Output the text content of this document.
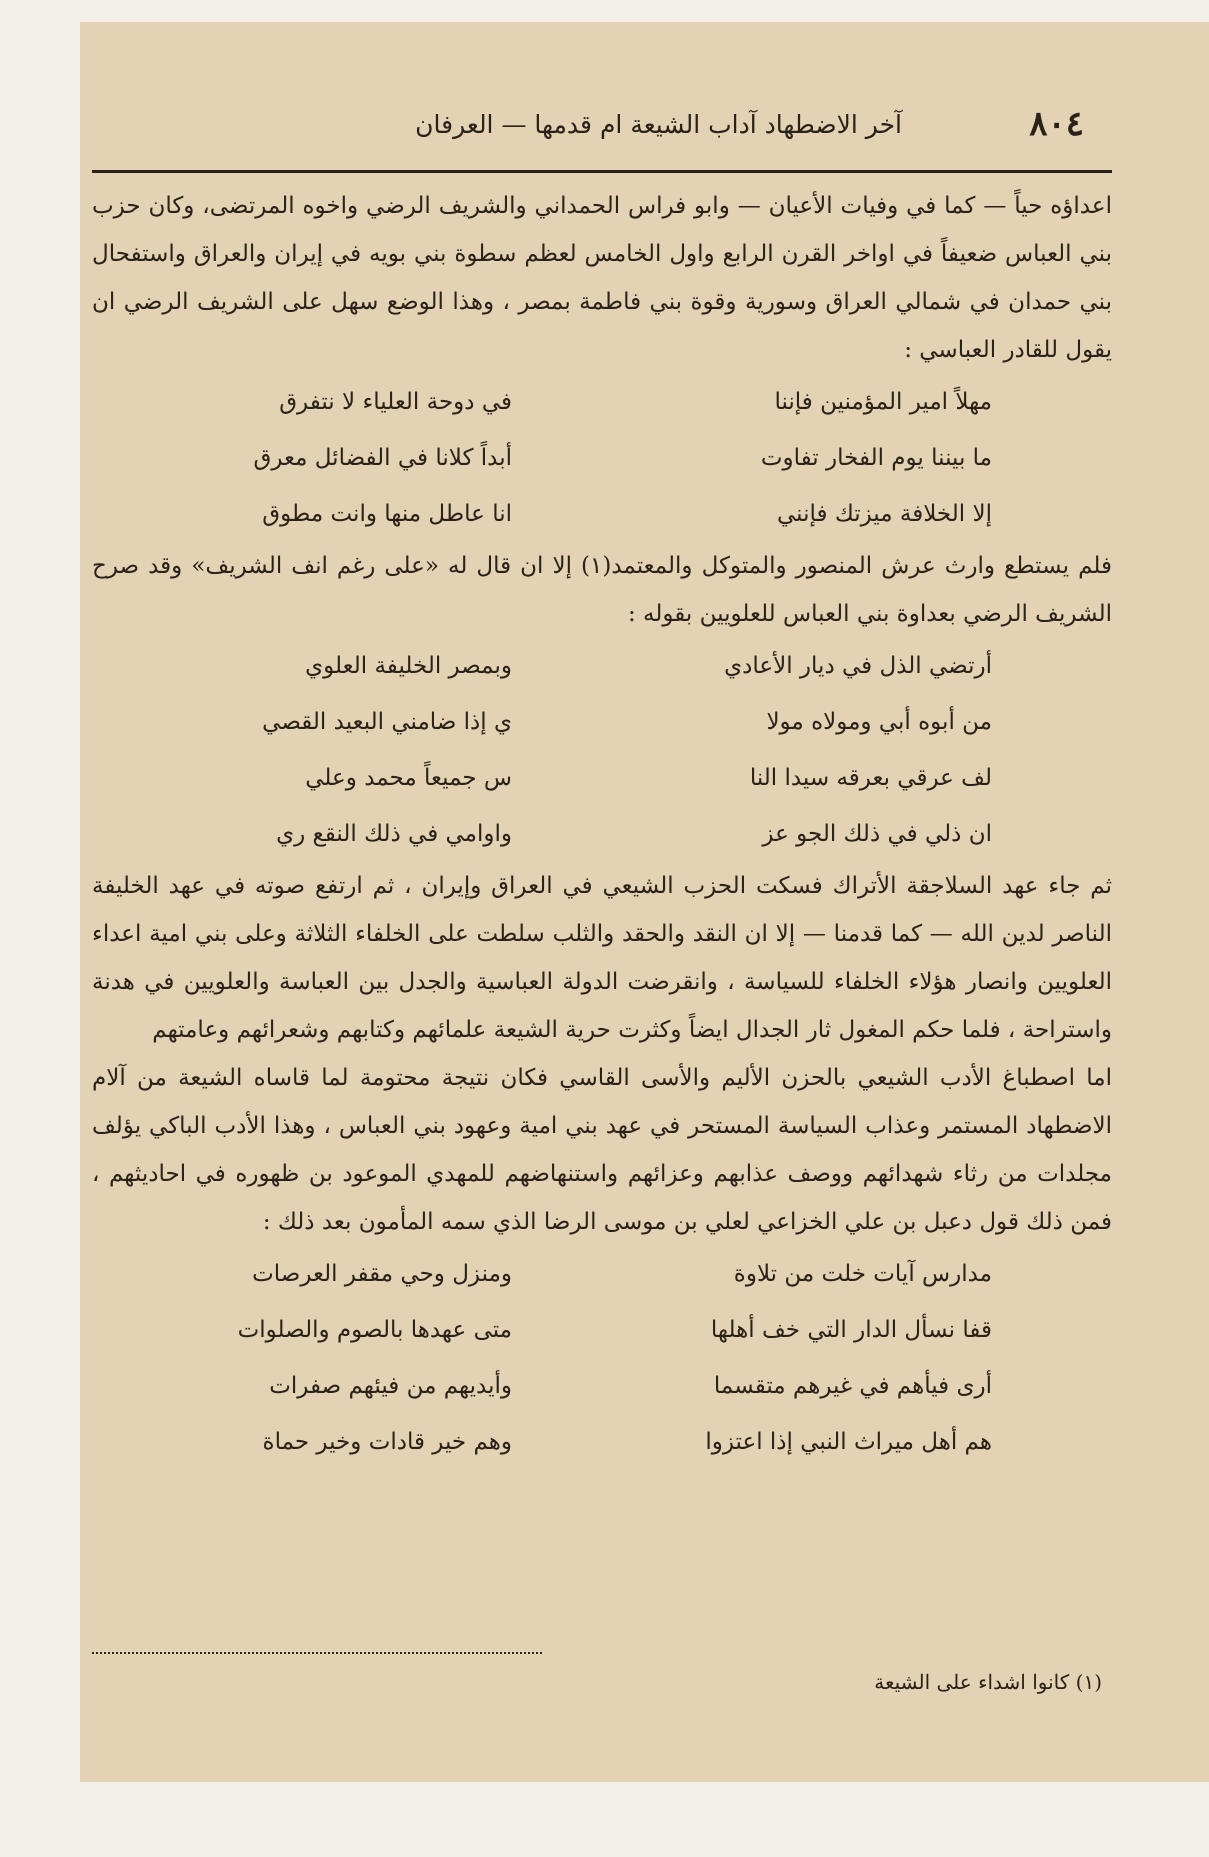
٨٠٤
آخر الاضطهاد آداب الشيعة ام قدمها — العرفان

اعداؤه حياً — كما في وفيات الأعيان — وابو فراس الحمداني والشريف الرضي واخوه المرتضى، وكان حزب بني العباس ضعيفاً في اواخر القرن الرابع واول الخامس لعظم سطوة بني بويه في إيران والعراق واستفحال بني حمدان في شمالي العراق وسورية وقوة بني فاطمة بمصر ، وهذا الوضع سهل على الشريف الرضي ان يقول للقادر العباسي :

مهلاً امير المؤمنين فإننا
في دوحة العلياء لا نتفرق
ما بيننا يوم الفخار تفاوت
أبداً كلانا في الفضائل معرق
إلا الخلافة ميزتك فإنني
انا عاطل منها وانت مطوق

فلم يستطع وارث عرش المنصور والمتوكل والمعتمد(١) إلا ان قال له «على رغم انف الشريف» وقد صرح الشريف الرضي بعداوة بني العباس للعلويين بقوله :

أرتضي الذل في ديار الأعادي
وبمصر الخليفة العلوي
من أبوه أبي ومولاه مولا
ي إذا ضامني البعيد القصي
لف عرقي بعرقه سيدا النا
س جميعاً محمد وعلي
ان ذلي في ذلك الجو عز
واوامي في ذلك النقع ري

ثم جاء عهد السلاجقة الأتراك فسكت الحزب الشيعي في العراق وإيران ، ثم ارتفع صوته في عهد الخليفة الناصر لدين الله — كما قدمنا — إلا ان النقد والحقد والثلب سلطت على الخلفاء الثلاثة وعلى بني امية اعداء العلويين وانصار هؤلاء الخلفاء للسياسة ، وانقرضت الدولة العباسية والجدل بين العباسة والعلويين في هدنة واستراحة ، فلما حكم المغول ثار الجدال ايضاً وكثرت حرية الشيعة علمائهم وكتابهم وشعرائهم وعامتهم

اما اصطباغ الأدب الشيعي بالحزن الأليم والأسى القاسي فكان نتيجة محتومة لما قاساه الشيعة من آلام الاضطهاد المستمر وعذاب السياسة المستحر في عهد بني امية وعهود بني العباس ، وهذا الأدب الباكي يؤلف مجلدات من رثاء شهدائهم ووصف عذابهم وعزائهم واستنهاضهم للمهدي الموعود بن ظهوره في احاديثهم ، فمن ذلك قول دعبل بن علي الخزاعي لعلي بن موسى الرضا الذي سمه المأمون بعد ذلك :

مدارس آيات خلت من تلاوة
ومنزل وحي مقفر العرصات
قفا نسأل الدار التي خف أهلها
متى عهدها بالصوم والصلوات
أرى فيأهم في غيرهم متقسما
وأيديهم من فيئهم صفرات
هم أهل ميراث النبي إذا اعتزوا
وهم خير قادات وخير حماة
(١) كانوا اشداء على الشيعة
